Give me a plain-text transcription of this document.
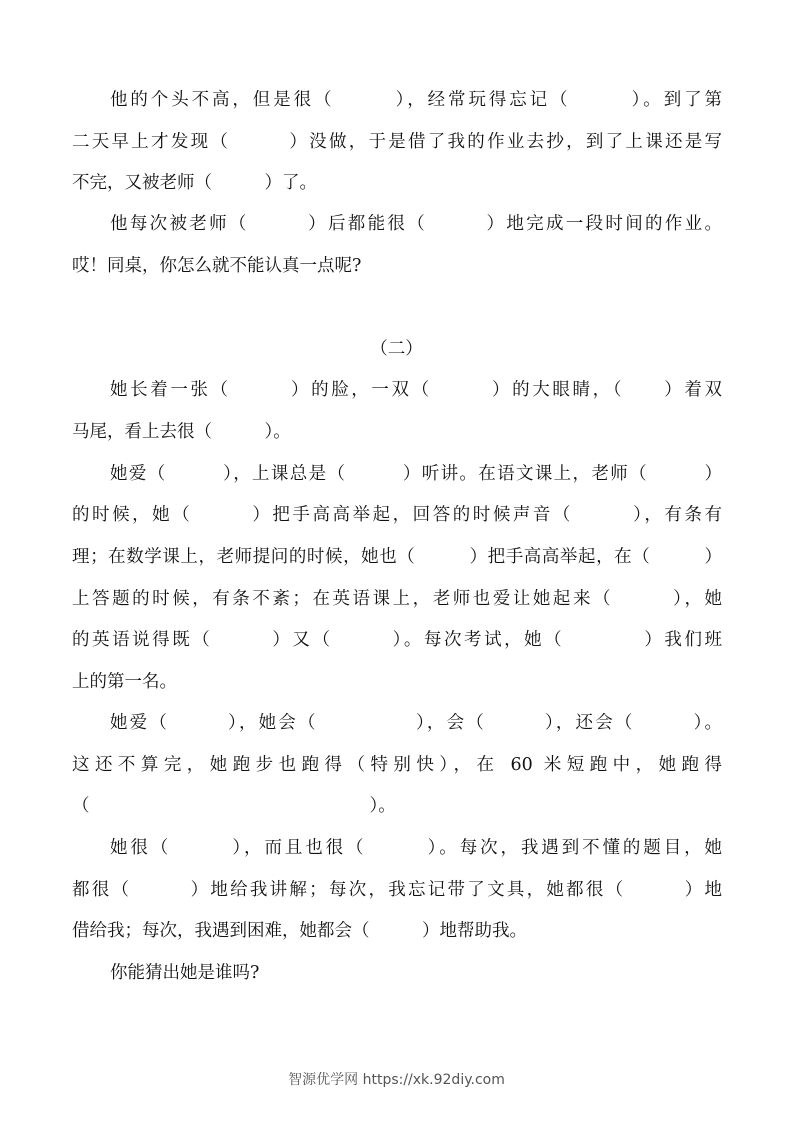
他的个头不高，但是很（　　　），经常玩得忘记（　　　）。到了第
二天早上才发现（　　　）没做，于是借了我的作业去抄，到了上课还是写
不完，又被老师（　　　）了。
他每次被老师（　　　）后都能很（　　　）地完成一段时间的作业。
哎！同桌，你怎么就不能认真一点呢?
（二）
她长着一张（　　　）的脸，一双（　　　）的大眼睛，（　　）着双
马尾，看上去很（　　　）。
她爱（　　　），上课总是（　　　）听讲。在语文课上，老师（　　　）
的时候，她（　　　）把手高高举起，回答的时候声音（　　　），有条有
理；在数学课上，老师提问的时候，她也（　　　）把手高高举起，在（　　　）
上答题的时候，有条不紊；在英语课上，老师也爱让她起来（　　　），她
的英语说得既（　　　）又（　　　）。每次考试，她（　　　　）我们班
上的第一名。
她爱（　　　），她会（　　　　　），会（　　　），还会（　　　）。
这还不算完，她跑步也跑得（特别快），在 60 米短跑中，她跑得
（　　　　　　　　　　　　　　　　）。
她很（　　　），而且也很（　　　）。每次，我遇到不懂的题目，她
都很（　　　）地给我讲解；每次，我忘记带了文具，她都很（　　　）地
借给我；每次，我遇到困难，她都会（　　　）地帮助我。
你能猜出她是谁吗?
智源优学网 https://xk.92diy.com
